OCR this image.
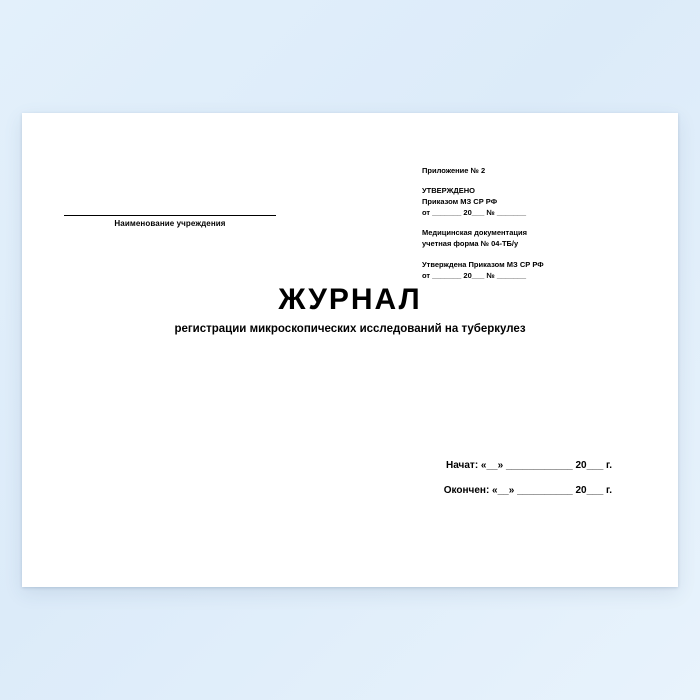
Приложение № 2
УТВЕРЖДЕНО
Приказом МЗ СР РФ
от _______ 20___ № _______
Медицинская документация
учетная форма № 04-ТБ/у
Утверждена Приказом МЗ СР РФ
от _______ 20___ № _______
Наименование учреждения
ЖУРНАЛ
регистрации микроскопических исследований на туберкулез
Начат: «__» ____________ 20___ г.
Окончен: «__» __________ 20___ г.
